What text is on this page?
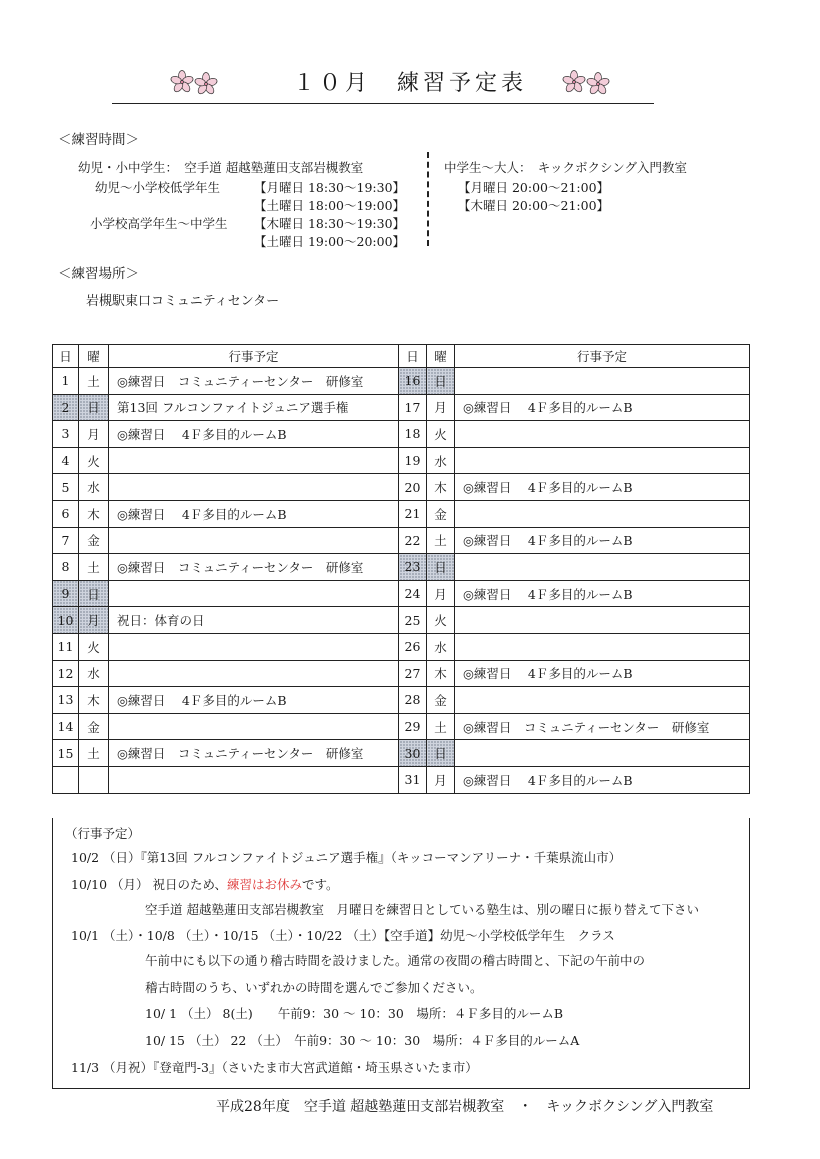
１０月　練習予定表
＜練習時間＞
幼児・小中学生：　空手道 超越塾蓮田支部岩槻教室
幼児～小学校低学年生	【月曜日 18:30～19:30】
【土曜日 18:00～19:00】
小学校高学年生～中学生 【木曜日 18:30～19:30】
【土曜日 19:00～20:00】
中学生～大人：　キックボクシング入門教室
【月曜日 20:00～21:00】
【木曜日 20:00～21:00】
＜練習場所＞
岩槻駅東口コミュニティセンター
日	曜	行事予定	日	曜	行事予定
1	土	◎練習日　コミュニティーセンター　研修室	16	日	
2	日	第13回 フルコンファイトジュニア選手権	17	月	◎練習日　 4Ｆ多目的ルームB
3	月	◎練習日　 4Ｆ多目的ルームB	18	火	
4	火		19	水	
5	水		20	木	◎練習日　 4Ｆ多目的ルームB
6	木	◎練習日　 4Ｆ多目的ルームB	21	金	
7	金		22	土	◎練習日　 4Ｆ多目的ルームB
8	土	◎練習日　コミュニティーセンター　研修室	23	日	
9	日		24	月	◎練習日　 4Ｆ多目的ルームB
10	月	祝日：体育の日	25	火	
11	火		26	水	
12	水		27	木	◎練習日　 4Ｆ多目的ルームB
13	木	◎練習日　 4Ｆ多目的ルームB	28	金	
14	金		29	土	◎練習日　コミュニティーセンター　研修室
15	土	◎練習日　コミュニティーセンター　研修室	30	日	
			31	月	◎練習日　 4Ｆ多目的ルームB
（行事予定）
10/2 （日）『第13回 フルコンファイトジュニア選手権』（キッコーマンアリーナ・千葉県流山市）
10/10 （月） 祝日のため、練習はお休みです。
空手道 超越塾蓮田支部岩槻教室　月曜日を練習日としている塾生は、別の曜日に振り替えて下さい
10/1 （土）・10/8 （土）・10/15 （土）・10/22 （土）【空手道】幼児～小学校低学年生　クラス
午前中にも以下の通り稽古時間を設けました。通常の夜間の稽古時間と、下記の午前中の
稽古時間のうち、いずれかの時間を選んでご参加ください。
10/ 1 （土） 8(土)　　午前9：30 ～ 10：30　場所：４Ｆ多目的ルームB
10/ 15 （土） 22 （土）　午前9：30 ～ 10：30　場所：４Ｆ多目的ルームA
11/3 （月祝）『登竜門-3』（さいたま市大宮武道館・埼玉県さいたま市）
平成28年度　空手道 超越塾蓮田支部岩槻教室　・　キックボクシング入門教室
